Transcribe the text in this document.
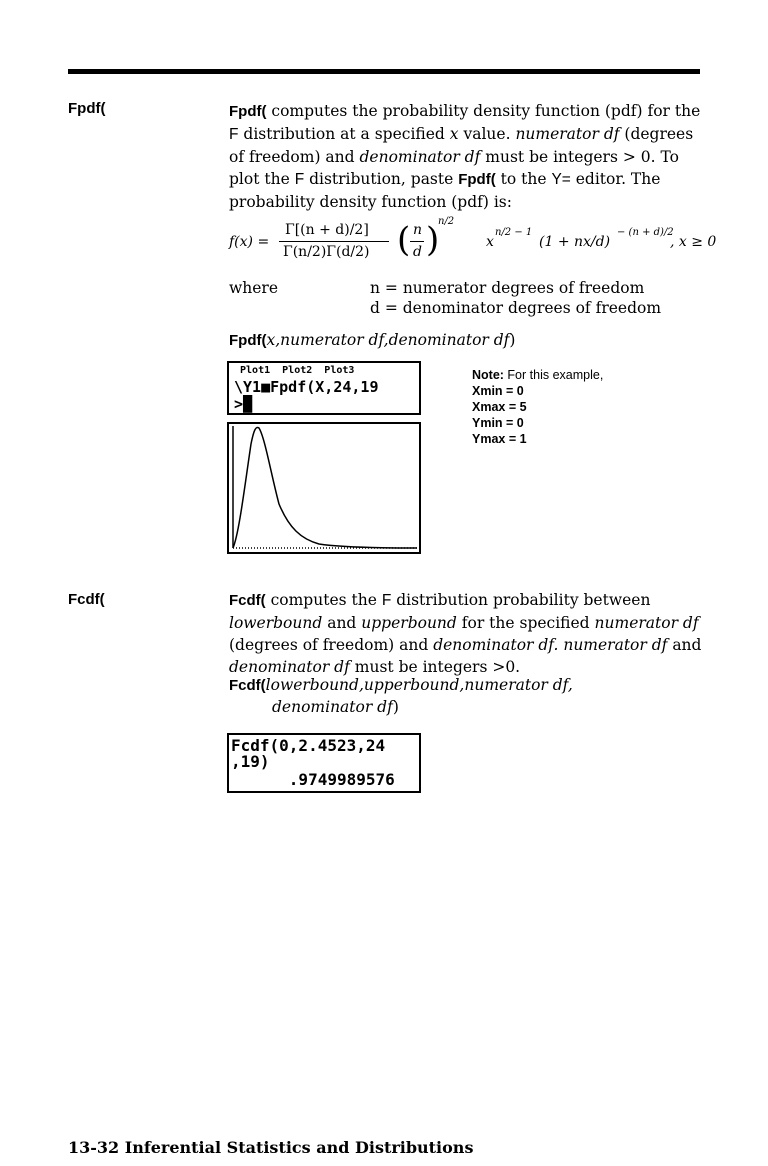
Fpdf(	Fpdf( computes the probability density function (pdf) for the F distribution at a specified x value. numerator df (degrees of freedom) and denominator df must be integers > 0. To plot the F distribution, paste Fpdf( to the Y= editor. The probability density function (pdf) is:
f(x) =
Γ[(n + d)/2]
Γ(n/2)Γ(d/2) ( n
d )
n/2
x
n/2 − 1
(1 + nx/d)
− (n + d)/2
, x ≥ 0
where	n = numerator degrees of freedom
d = denominator degrees of freedom
Fpdf(x,numerator df,denominator df)
Plot1  Plot2  Plot3
\Y1■Fpdf(X,24,19
>█
Note: For this example,
Xmin = 0
Xmax = 5
Ymin = 0
Ymax = 1
Fcdf(	Fcdf( computes the F distribution probability between lowerbound and upperbound for the specified numerator df (degrees of freedom) and denominator df. numerator df and denominator df must be integers >0.
Fcdf(lowerbound,upperbound,numerator df,
denominator df)
Fcdf(0,2.4523,24
,19)
.9749989576
13-32 Inferential Statistics and Distributions
